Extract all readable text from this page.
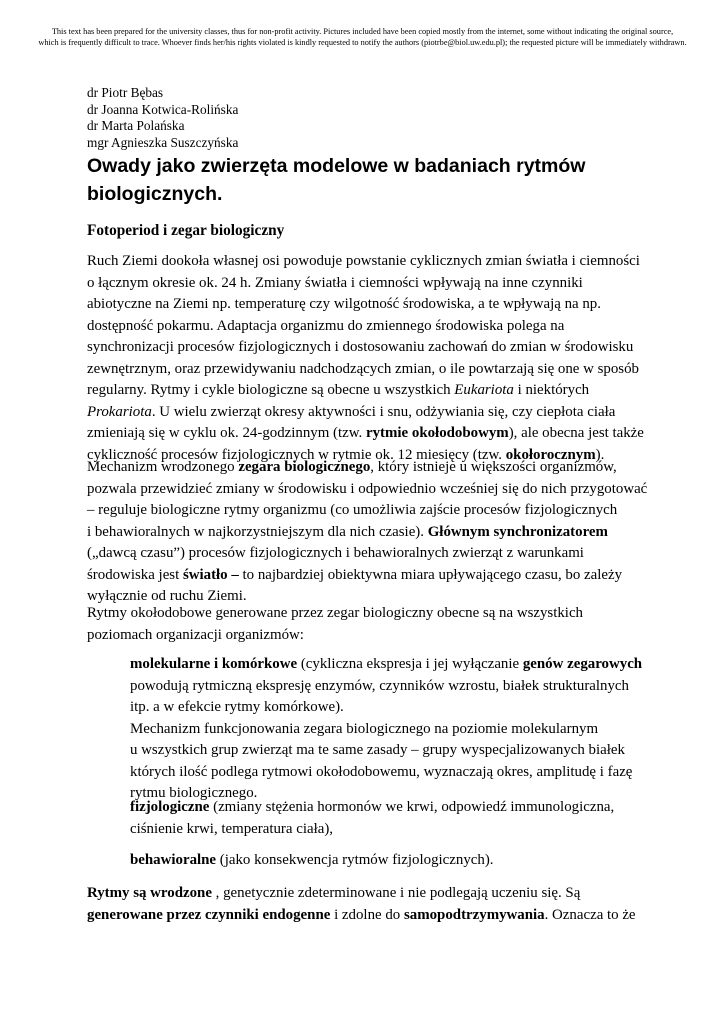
This text has been prepared for the university classes, thus for non-profit activity. Pictures included have been copied mostly from the internet, some without indicating the original source,
which is frequently difficult to trace. Whoever finds her/his rights violated is kindly requested to notify the authors (piotrbe@biol.uw.edu.pl); the requested picture will be immediately withdrawn.
dr Piotr Bębas
dr Joanna Kotwica-Rolińska
dr Marta Polańska
mgr Agnieszka Suszczyńska
Owady jako zwierzęta modelowe w badaniach rytmów
biologicznych.
Fotoperiod i zegar biologiczny
Ruch Ziemi dookoła własnej osi powoduje powstanie cyklicznych zmian światła i ciemności
o łącznym okresie ok. 24 h. Zmiany światła i ciemności wpływają na inne czynniki
abiotyczne na Ziemi np. temperaturę czy wilgotność środowiska, a te wpływają na np.
dostępność pokarmu. Adaptacja organizmu do zmiennego środowiska polega na
synchronizacji procesów fizjologicznych i dostosowaniu zachowań do zmian w środowisku
zewnętrznym, oraz przewidywaniu nadchodzących zmian, o ile powtarzają się one w sposób
regularny. Rytmy i cykle biologiczne są obecne u wszystkich Eukariota i niektórych
Prokariota. U wielu zwierząt okresy aktywności i snu, odżywiania się, czy ciepłota ciała
zmieniają się w cyklu ok. 24-godzinnym (tzw. rytmie okołodobowym), ale obecna jest także
cykliczność procesów fizjologicznych w rytmie ok. 12 miesięcy (tzw. okołorocznym).
Mechanizm wrodzonego zegara biologicznego, który istnieje u większości organizmów,
pozwala przewidzieć zmiany w środowisku i odpowiednio wcześniej się do nich przygotować
– reguluje biologiczne rytmy organizmu (co umożliwia zajście procesów fizjologicznych
i behawioralnych w najkorzystniejszym dla nich czasie). Głównym synchronizatorem
(„dawcą czasu”) procesów fizjologicznych i behawioralnych zwierząt z warunkami
środowiska jest światło – to najbardziej obiektywna miara upływającego czasu, bo zależy
wyłącznie od ruchu Ziemi.
Rytmy okołodobowe generowane przez zegar biologiczny obecne są na wszystkich
poziomach organizacji organizmów:
molekularne i komórkowe (cykliczna ekspresja i jej wyłączanie genów zegarowych
powodują rytmiczną ekspresję enzymów, czynników wzrostu, białek strukturalnych
itp. a w efekcie rytmy komórkowe).
Mechanizm funkcjonowania zegara biologicznego na poziomie molekularnym
u wszystkich grup zwierząt ma te same zasady – grupy wyspecjalizowanych białek
których ilość podlega rytmowi okołodobowemu, wyznaczają okres, amplitudę i fazę
rytmu biologicznego.
fizjologiczne (zmiany stężenia hormonów we krwi, odpowiedź immunologiczna,
ciśnienie krwi, temperatura ciała),
behawioralne (jako konsekwencja rytmów fizjologicznych).
Rytmy są wrodzone , genetycznie zdeterminowane i nie podlegają uczeniu się. Są
generowane przez czynniki endogenne i zdolne do samopodtrzymywania. Oznacza to że
